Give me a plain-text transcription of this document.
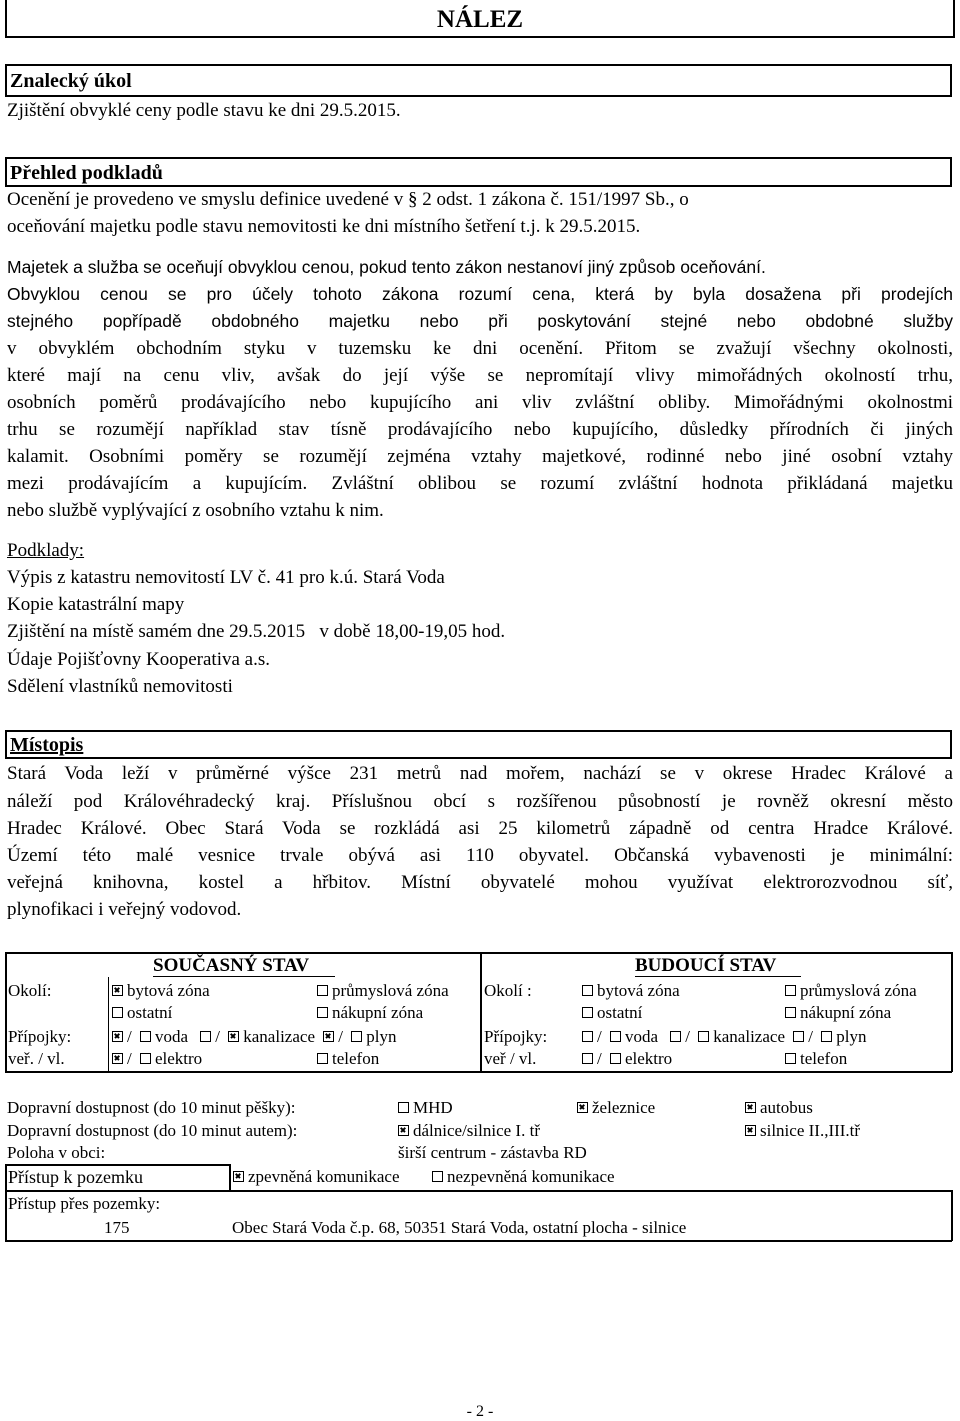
NÁLEZ
Znalecký úkol
Zjištění obvyklé ceny podle stavu ke dni 29.5.2015.
Přehled podkladů
Ocenění je provedeno ve smyslu definice uvedené v § 2 odst. 1 zákona č. 151/1997 Sb., o
oceňování majetku podle stavu nemovitosti ke dni místního šetření t.j. k 29.5.2015.
Majetek a služba se oceňují obvyklou cenou, pokud tento zákon nestanoví jiný způsob oceňování.
Obvyklou cenou se pro účely tohoto zákona rozumí cena, která by byla dosažena při prodejích
stejného popřípadě obdobného majetku nebo při poskytování stejné nebo obdobné služby
v obvyklém obchodním styku v tuzemsku ke dni ocenění. Přitom se zvažují všechny okolnosti,
které mají na cenu vliv, avšak do její výše se nepromítají vlivy mimořádných okolností trhu,
osobních poměrů prodávajícího nebo kupujícího ani vliv zvláštní obliby. Mimořádnými okolnostmi
trhu se rozumějí například stav tísně prodávajícího nebo kupujícího, důsledky přírodních či jiných
kalamit. Osobními poměry se rozumějí zejména vztahy majetkové, rodinné nebo jiné osobní vztahy
mezi prodávajícím a kupujícím. Zvláštní oblibou se rozumí zvláštní hodnota přikládaná majetku
nebo službě vyplývající z osobního vztahu k nim.
Podklady:
Výpis z katastru nemovitostí LV č. 41 pro k.ú. Stará Voda
Kopie katastrální mapy
Zjištění na místě samém dne 29.5.2015   v době 18,00-19,05 hod.
Údaje Pojišťovny Kooperativa a.s.
Sdělení vlastníků nemovitosti
Místopis
Stará Voda leží v průměrné výšce 231 metrů nad mořem, nachází se v okrese Hradec Králové a
náleží pod Královéhradecký kraj. Příslušnou obcí s rozšířenou působností je rovněž okresní město
Hradec Králové. Obec Stará Voda se rozkládá asi 25 kilometrů západně od centra Hradce Králové.
Území této malé vesnice trvale obývá asi 110 obyvatel. Občanská vybavenosti je minimální:
veřejná knihovna, kostel a hřbitov. Místní obyvatelé mohou využívat elektrorozvodnou síť,
plynofikaci i veřejný vodovod.
SOUČASNÝ STAV	BUDOUCÍ STAV
Okolí:	bytová zóna	průmyslová zóna
ostatní	nákupní zóna
Přípojky:	/ voda / kanalizace / plyn
veř. / vl.	/ elektro	telefon
Okolí :	bytová zóna	průmyslová zóna
ostatní	nákupní zóna
Přípojky:	/ voda / kanalizace / plyn
veř / vl.	/ elektro	telefon
Dopravní dostupnost (do 10 minut pěšky):	MHD	železnice	autobus
Dopravní dostupnost (do 10 minut autem):	dálnice/silnice I. tř	silnice II.,III.tř
Poloha v obci:	širší centrum - zástavba RD
Přístup k pozemku	zpevněná komunikace	nezpevněná komunikace
Přístup přes pozemky:
175	Obec Stará Voda č.p. 68, 50351 Stará Voda, ostatní plocha - silnice
- 2 -
